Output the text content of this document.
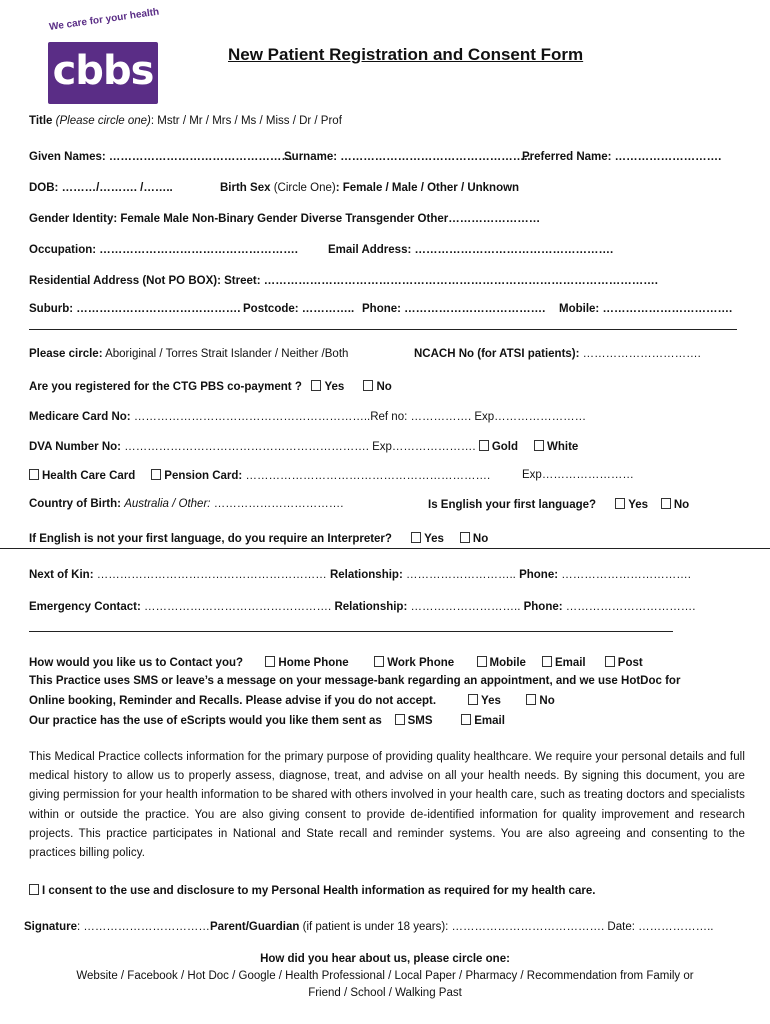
We care for your health
cbbs	New Patient Registration and Consent Form
Title (Please circle one): Mstr / Mr / Mrs / Ms / Miss / Dr / Prof
Given Names: …………………………………………
Surname: …………………………………………..
Preferred Name: ……………………….
DOB: ………/………. /……..	Birth Sex (Circle One): Female / Male / Other / Unknown
Gender Identity: Female Male Non-Binary Gender Diverse Transgender Other……………………
Occupation: …………………………………………….	Email Address: …………………………………………….
Residential Address (Not PO BOX): Street: ………………………………………………………………………………………….
Suburb: ……………………………………. Postcode: ………….. Phone: ………………………………. Mobile: …………………………….
Please circle: Aboriginal / Torres Strait Islander / Neither /Both	NCACH No (for ATSI patients): ………………………….
Are you registered for the CTG PBS co-payment ?   Yes	No
Medicare Card No: ……………………………………………………..Ref no: ……………. Exp……………………
DVA Number No: ………………………………………………………. Exp…………………. Gold	White
Health Care Card	Pension Card: ……………………………………………………….	Exp……………………
Country of Birth: Australia / Other: …………………………….	Is English your first language?	Yes No
If English is not your first language, do you require an Interpreter?	Yes	No
Next of Kin: …………………………………………………… Relationship: ……………………….. Phone: …………………………….
Emergency Contact: …………………………………………. Relationship: ……………………….. Phone: …………………………….
How would you like us to Contact you?	Home Phone	Work Phone	Mobile	Email	Post
This Practice uses SMS or leave’s a message on your message-bank regarding an appointment, and we use HotDoc for
Online booking, Reminder and Recalls. Please advise if you do not accept.	Yes	No
Our practice has the use of eScripts would you like them sent as SMS	Email
This Medical Practice collects information for the primary purpose of providing quality healthcare. We require your personal details and full medical history to allow us to properly assess, diagnose, treat, and advise on all your health needs. By signing this document, you are giving permission for your health information to be shared with others involved in your health care, such as treating doctors and specialists within or outside the practice. You are also giving consent to provide de-identified information for quality improvement and research projects. This practice participates in National and State recall and reminder systems. You are also agreeing and consenting to the practices billing policy.
I consent to the use and disclosure to my Personal Health information as required for my health care.
Signature: ……………………………Parent/Guardian (if patient is under 18 years): …………………………………. Date: ………………..
How did you hear about us, please circle one:
Website / Facebook / Hot Doc / Google / Health Professional / Local Paper / Pharmacy / Recommendation from Family or
Friend / School / Walking Past
